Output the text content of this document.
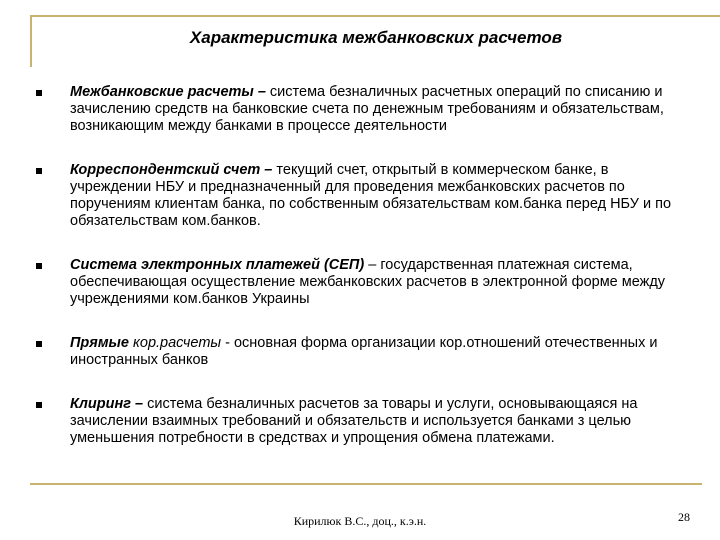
Характеристика межбанковских расчетов
Межбанковские расчеты – система безналичных расчетных операций по списанию и зачислению средств на банковские счета по денежным требованиям и обязательствам, возникающим между банками в процессе деятельности
Корреспондентский счет – текущий счет, открытый в коммерческом банке, в учреждении НБУ и предназначенный для проведения межбанковских расчетов по поручениям клиентам банка, по собственным обязательствам ком.банка перед НБУ и по обязательствам ком.банков.
Система электронных платежей (СЕП) – государственная платежная система, обеспечивающая осуществление межбанковских расчетов в электронной форме между учреждениями ком.банков Украины
Прямые кор.расчеты - основная форма организации кор.отношений отечественных и иностранных банков
Клиринг – система безналичных расчетов за товары и услуги, основывающаяся на зачислении взаимных требований и обязательств и используется банками з целью уменьшения потребности в средствах и упрощения обмена платежами.
Кирилюк В.С., доц., к.э.н.	28
